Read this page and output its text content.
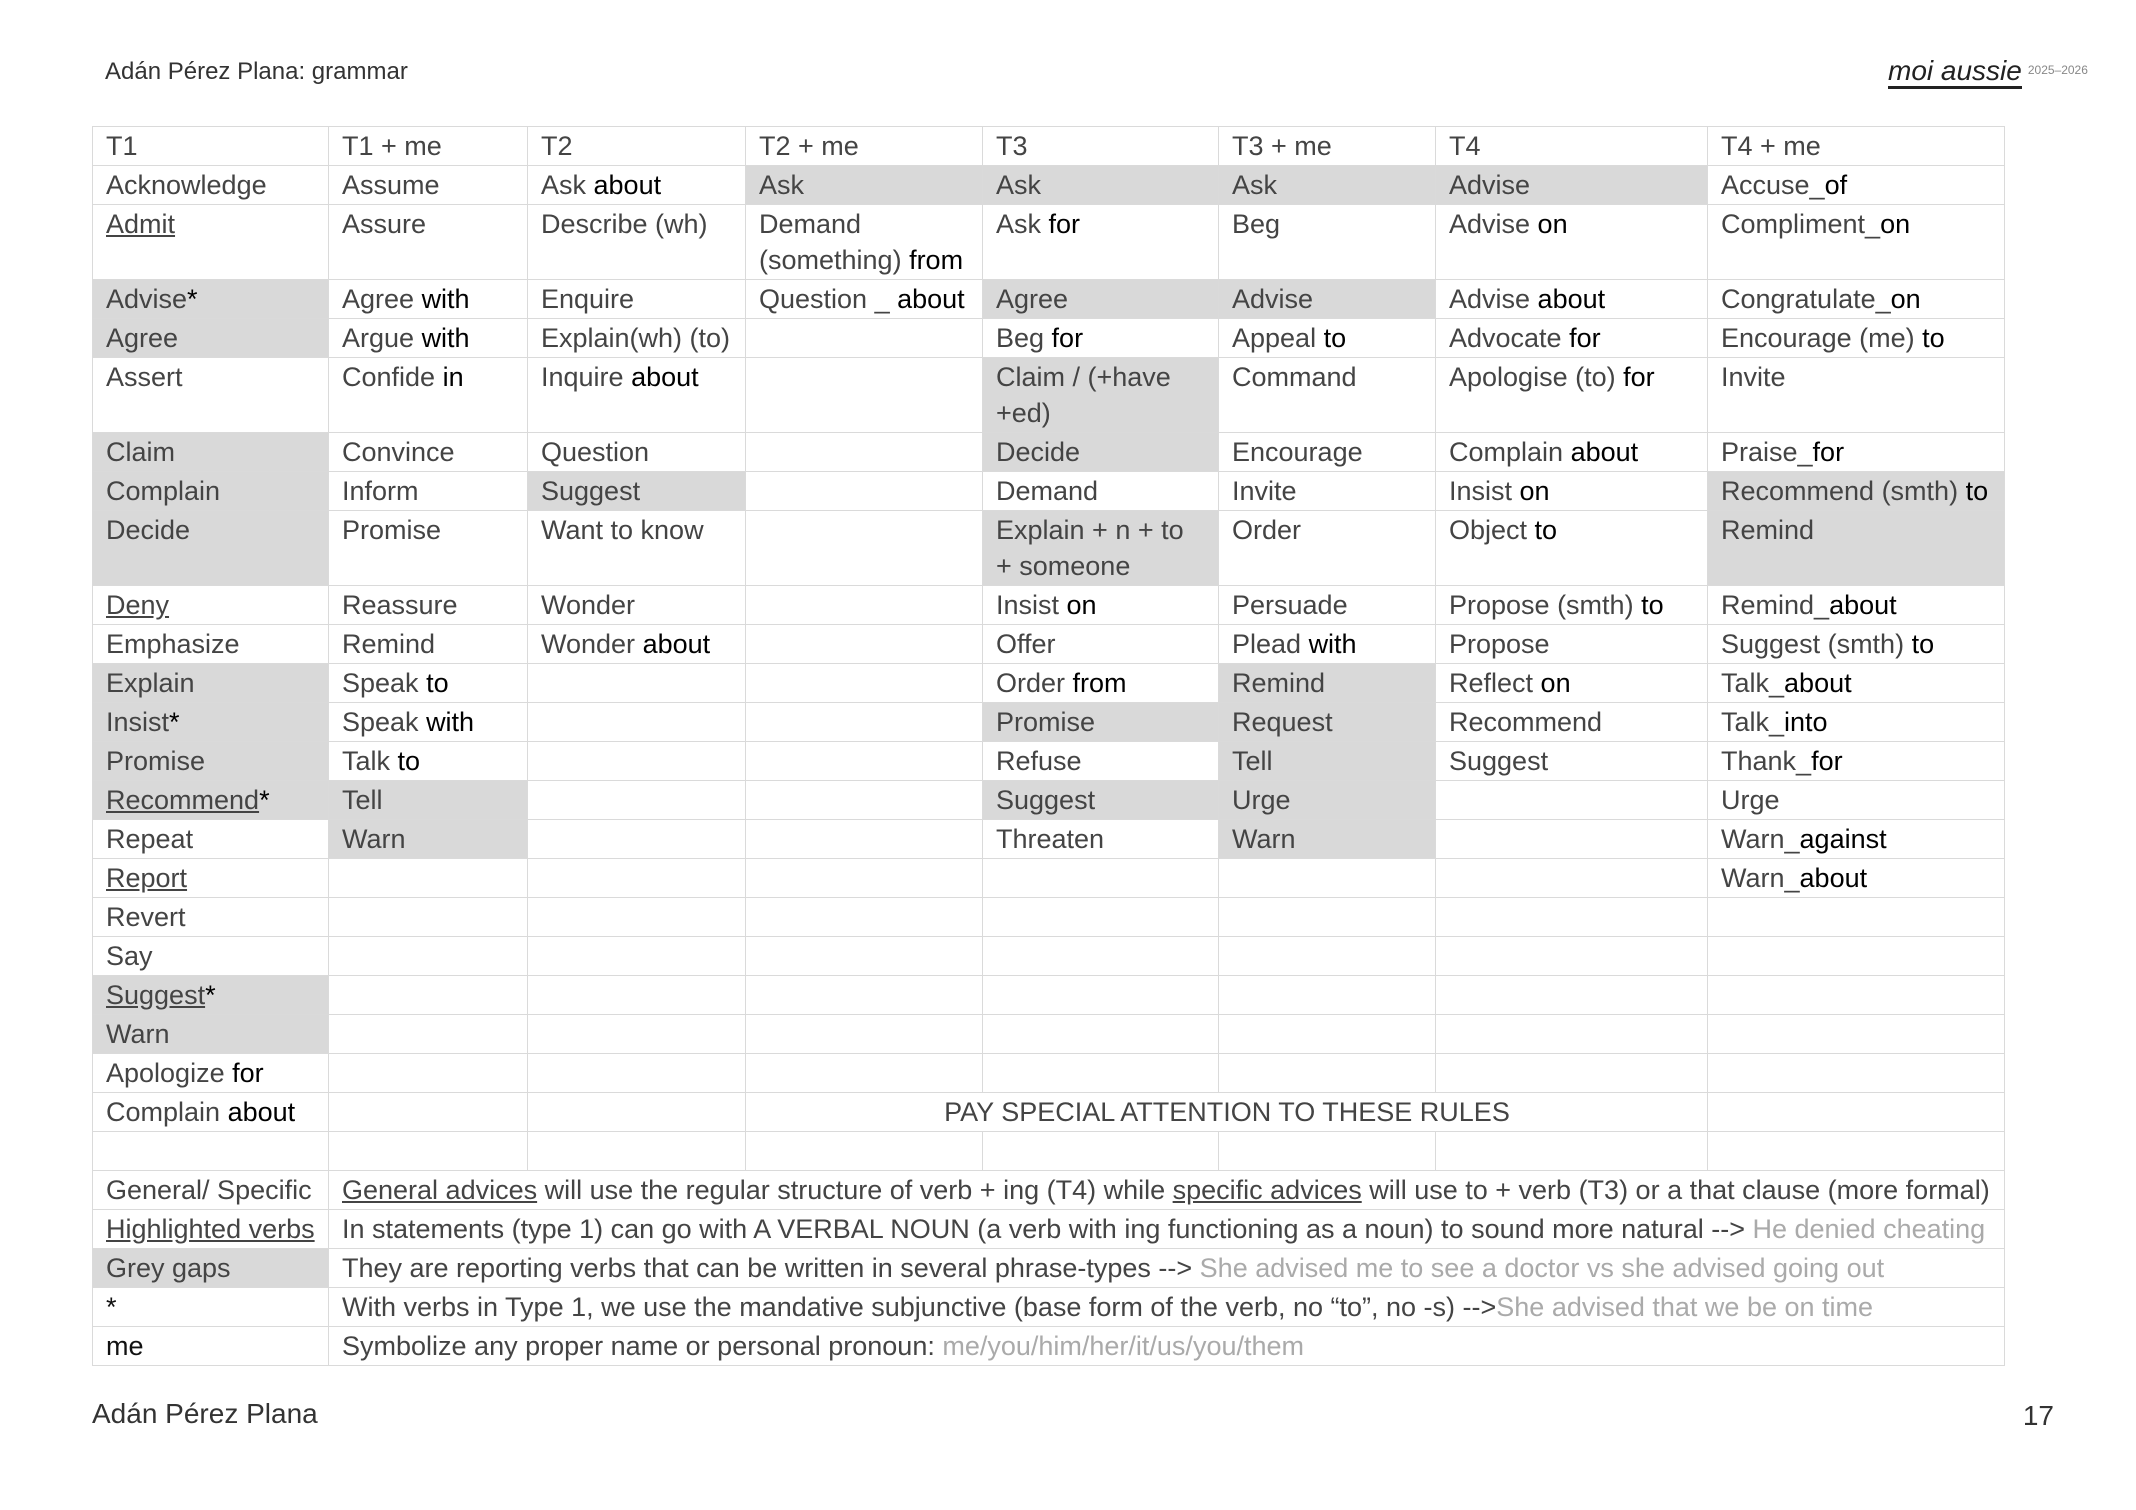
Adán Pérez Plana: grammar	moi aussie $^{2025-2026}$
T1	T1 + me	T2	T2 + me	T3	T3 + me	T4	T4 + me
Acknowledge	Assume	Ask about	Ask	Ask	Ask	Advise	Accuse_of
Admit	Assure	Describe (wh)	Demand (something) from	Ask for	Beg	Advise on	Compliment_on
Advise*	Agree with	Enquire	Question _ about	Agree	Advise	Advise about	Congratulate_on
Agree	Argue with	Explain(wh) (to)		Beg for	Appeal to	Advocate for	Encourage (me) to
Assert	Confide in	Inquire about		Claim / (+have +ed)	Command	Apologise (to) for	Invite
Claim	Convince	Question		Decide	Encourage	Complain about	Praise_for
Complain	Inform	Suggest		Demand	Invite	Insist on	Recommend (smth) to
Decide	Promise	Want to know		Explain + n + to + someone	Order	Object to	Remind
Deny	Reassure	Wonder		Insist on	Persuade	Propose (smth) to	Remind_about
Emphasize	Remind	Wonder about		Offer	Plead with	Propose	Suggest (smth) to
Explain	Speak to			Order from	Remind	Reflect on	Talk_about
Insist*	Speak with			Promise	Request	Recommend	Talk_into
Promise	Talk to			Refuse	Tell	Suggest	Thank_for
Recommend*	Tell			Suggest	Urge		Urge
Repeat	Warn			Threaten	Warn		Warn_against
Report							Warn_about
Revert							
Say							
Suggest*							
Warn							
Apologize for							
Complain about			PAY SPECIAL ATTENTION TO THESE RULES				

General/ Specific	General advices will use the regular structure of verb + ing (T4) while specific advices will use to + verb (T3) or a that clause (more formal)						
Highlighted verbs	In statements (type 1) can go with A VERBAL NOUN (a verb with ing functioning as a noun) to sound more natural --> He denied cheating						
Grey gaps	They are reporting verbs that can be written in several phrase-types --> She advised me to see a doctor vs she advised going out						
*	With verbs in Type 1, we use the mandative subjunctive (base form of the verb, no “to”, no -s) -->She advised that we be on time						
me	Symbolize any proper name or personal pronoun: me/you/him/her/it/us/you/them						
Adán Pérez Plana	17
